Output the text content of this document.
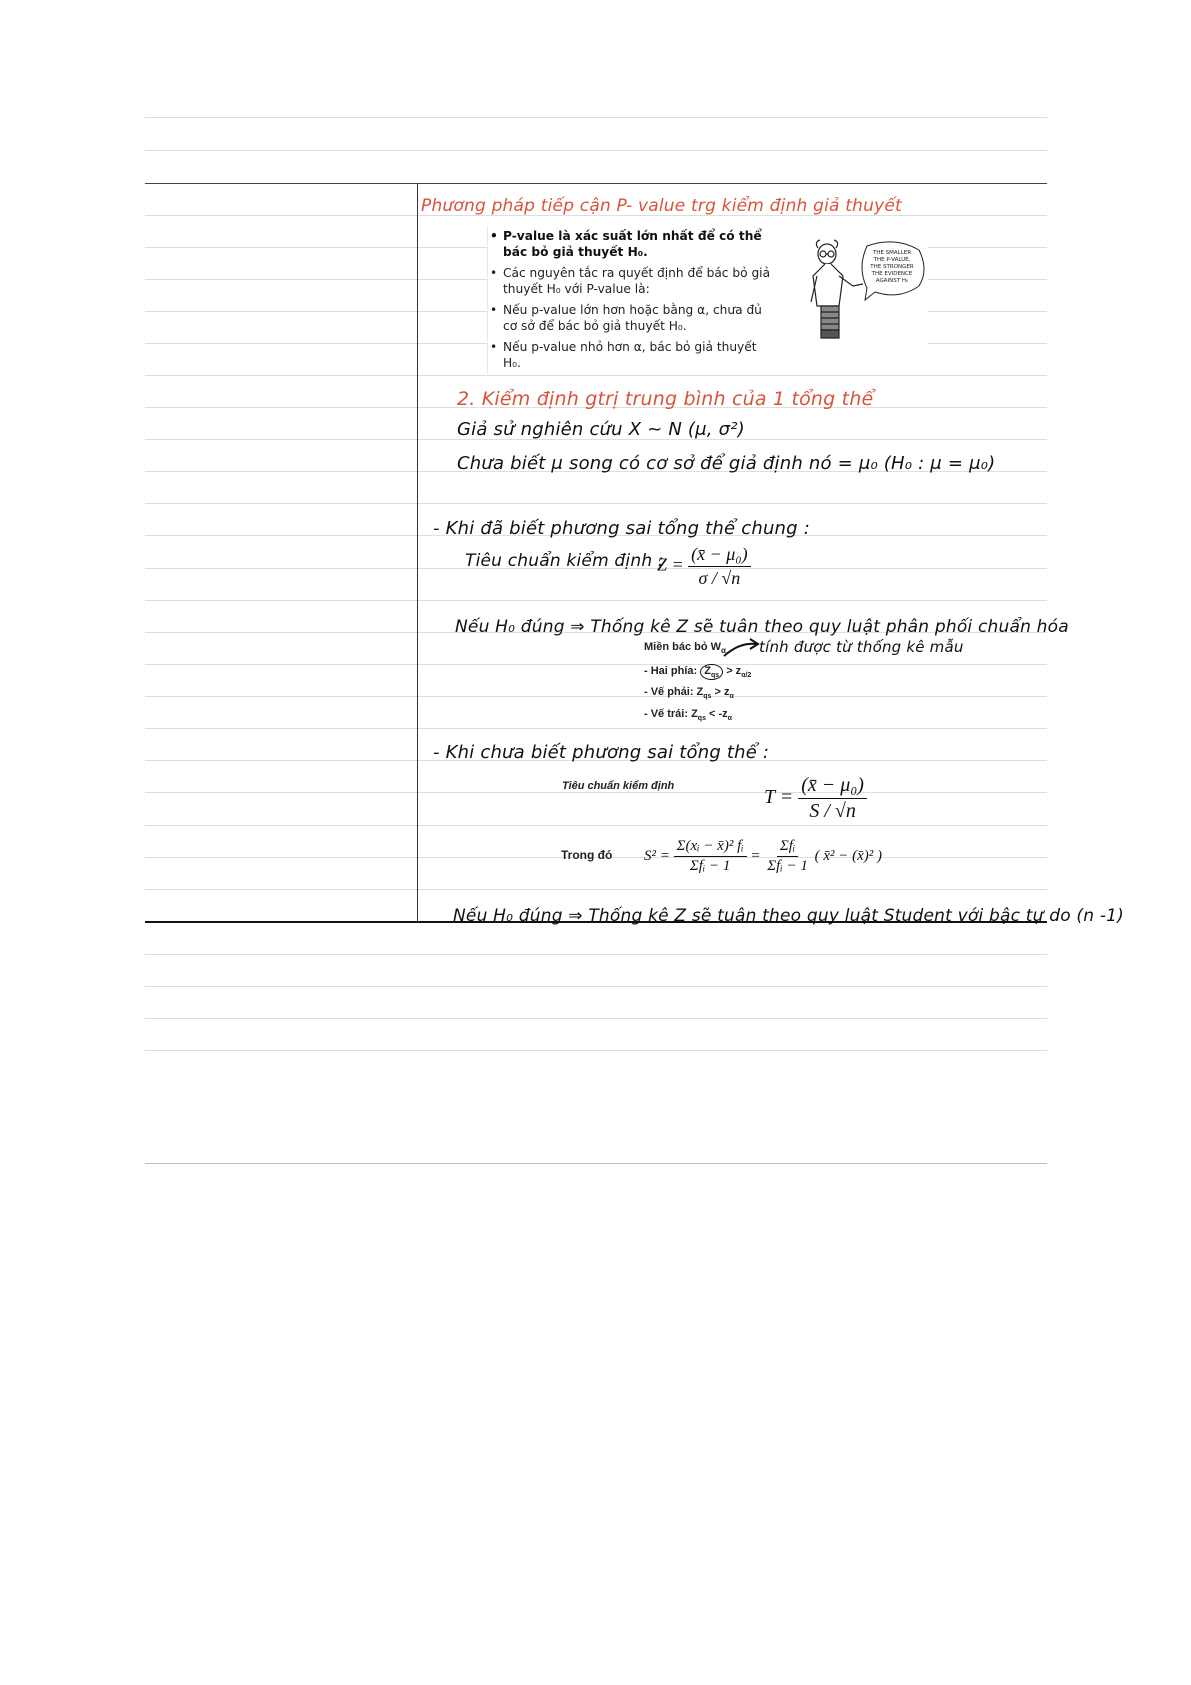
Phương pháp tiếp cận P- value trg kiểm định giả thuyết
• P-value là xác suất lớn nhất để có thể bác bỏ giả thuyết H₀.
• Các nguyên tắc ra quyết định để bác bỏ giả thuyết H₀ với P-value là:
• Nếu p-value lớn hơn hoặc bằng α, chưa đủ cơ sở để bác bỏ giả thuyết H₀.
• Nếu p-value nhỏ hơn α, bác bỏ giả thuyết H₀.
THE SMALLER
THE P-VALUE,
THE STRONGER
THE EVIDENCE
AGAINST H₀
2. Kiểm định gtrị trung bình của 1 tổng thể
Giả sử nghiên cứu X ~ N (μ, σ²)
Chưa biết μ song có cơ sở để giả định nó = μ₀ (H₀ : μ = μ₀)
- Khi đã biết phương sai tổng thể chung :
Tiêu chuẩn kiểm định :
$Z = \frac{\text{(x̄ − μ₀)}}{\sigma / √n}$
Nếu H₀ đúng ⇒ Thống kê Z sẽ tuân theo quy luật phân phối chuẩn hóa
Miền bác bỏ $W_\alpha$ tính được từ thống kê mẫu
- Hai phía: $Z_{qs} > z_{\alpha/2}$
- Vế phải: $Z_{qs} > z_\alpha$
- Vế trái: $Z_{qs} < -z_\alpha$
- Khi chưa biết phương sai tổng thể :
Tiêu chuẩn kiểm định
$T = \frac{\text{(x̄ − μ₀)}}{S / √n}$
Trong đó $S^2 = \frac{\text{Σ(xᵢ − x̄)² fᵢ}}{\text{Σfᵢ − 1}} = \frac{\text{Σfᵢ}}{\text{Σfᵢ − 1}}$ ( x̄² − (x̄)² )
Nếu H₀ đúng ⇒ Thống kê Z sẽ tuân theo quy luật Student với bậc tự do (n -1)
